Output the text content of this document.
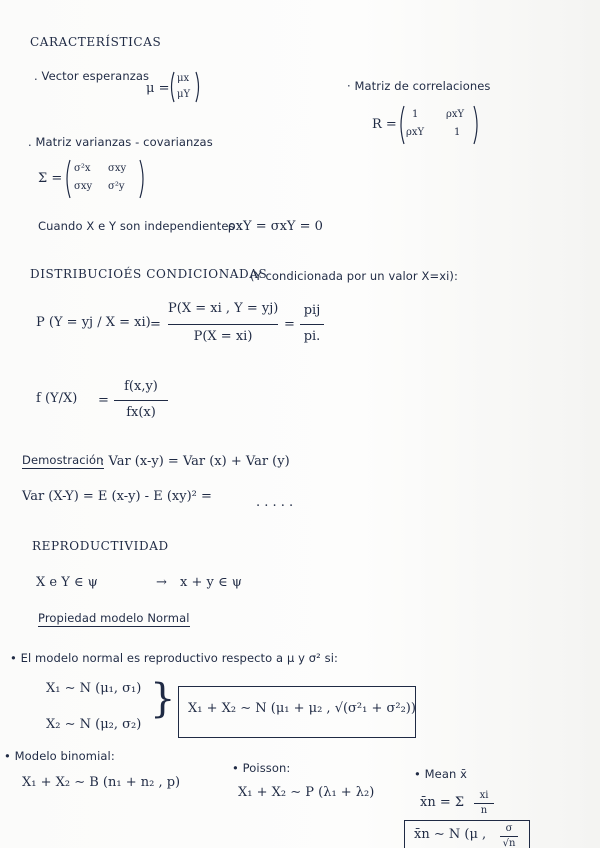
CARACTERÍSTICAS
. Vector esperanzas
μ =
μx
μY
· Matriz de correlaciones
R =
1	ρxY
ρxY	1
. Matriz varianzas - covarianzas
Σ =
σ²x σxy
σxy σ²y
Cuando X e Y son independientes :
ρxY = σxY = 0
DISTRIBUCIOÉS CONDICIONADAS
(Y condicionada por un valor X=xi):
P (Y = yj / X = xi) =
P(X = xi , Y = yj)
P(X = xi)
=
pij
pi.
f (Y/X) =
f(x,y)
fx(x)
Demostración
: Var (x-y) = Var (x) + Var (y)
Var (X-Y) = E (x-y) - E (xy)² =	. . . . .
REPRODUCTIVIDAD
X e Y ∈ ψ	→ x + y ∈ ψ
Propiedad modelo Normal
• El modelo normal es reproductivo respecto a μ y σ² si:
X₁ ∼ N (μ₁, σ₁)
X₂ ∼ N (μ₂, σ₂)
} X₁ + X₂ ∼ N (μ₁ + μ₂ , √(σ²₁ + σ²₂))
• Modelo binomial:
X₁ + X₂ ∼ B (n₁ + n₂ , p)
• Poisson:
X₁ + X₂ ∼ P (λ₁ + λ₂)
• Mean x̄
x̄n = Σ	xi
n
x̄n ∼ N (μ ,	σ
√n
